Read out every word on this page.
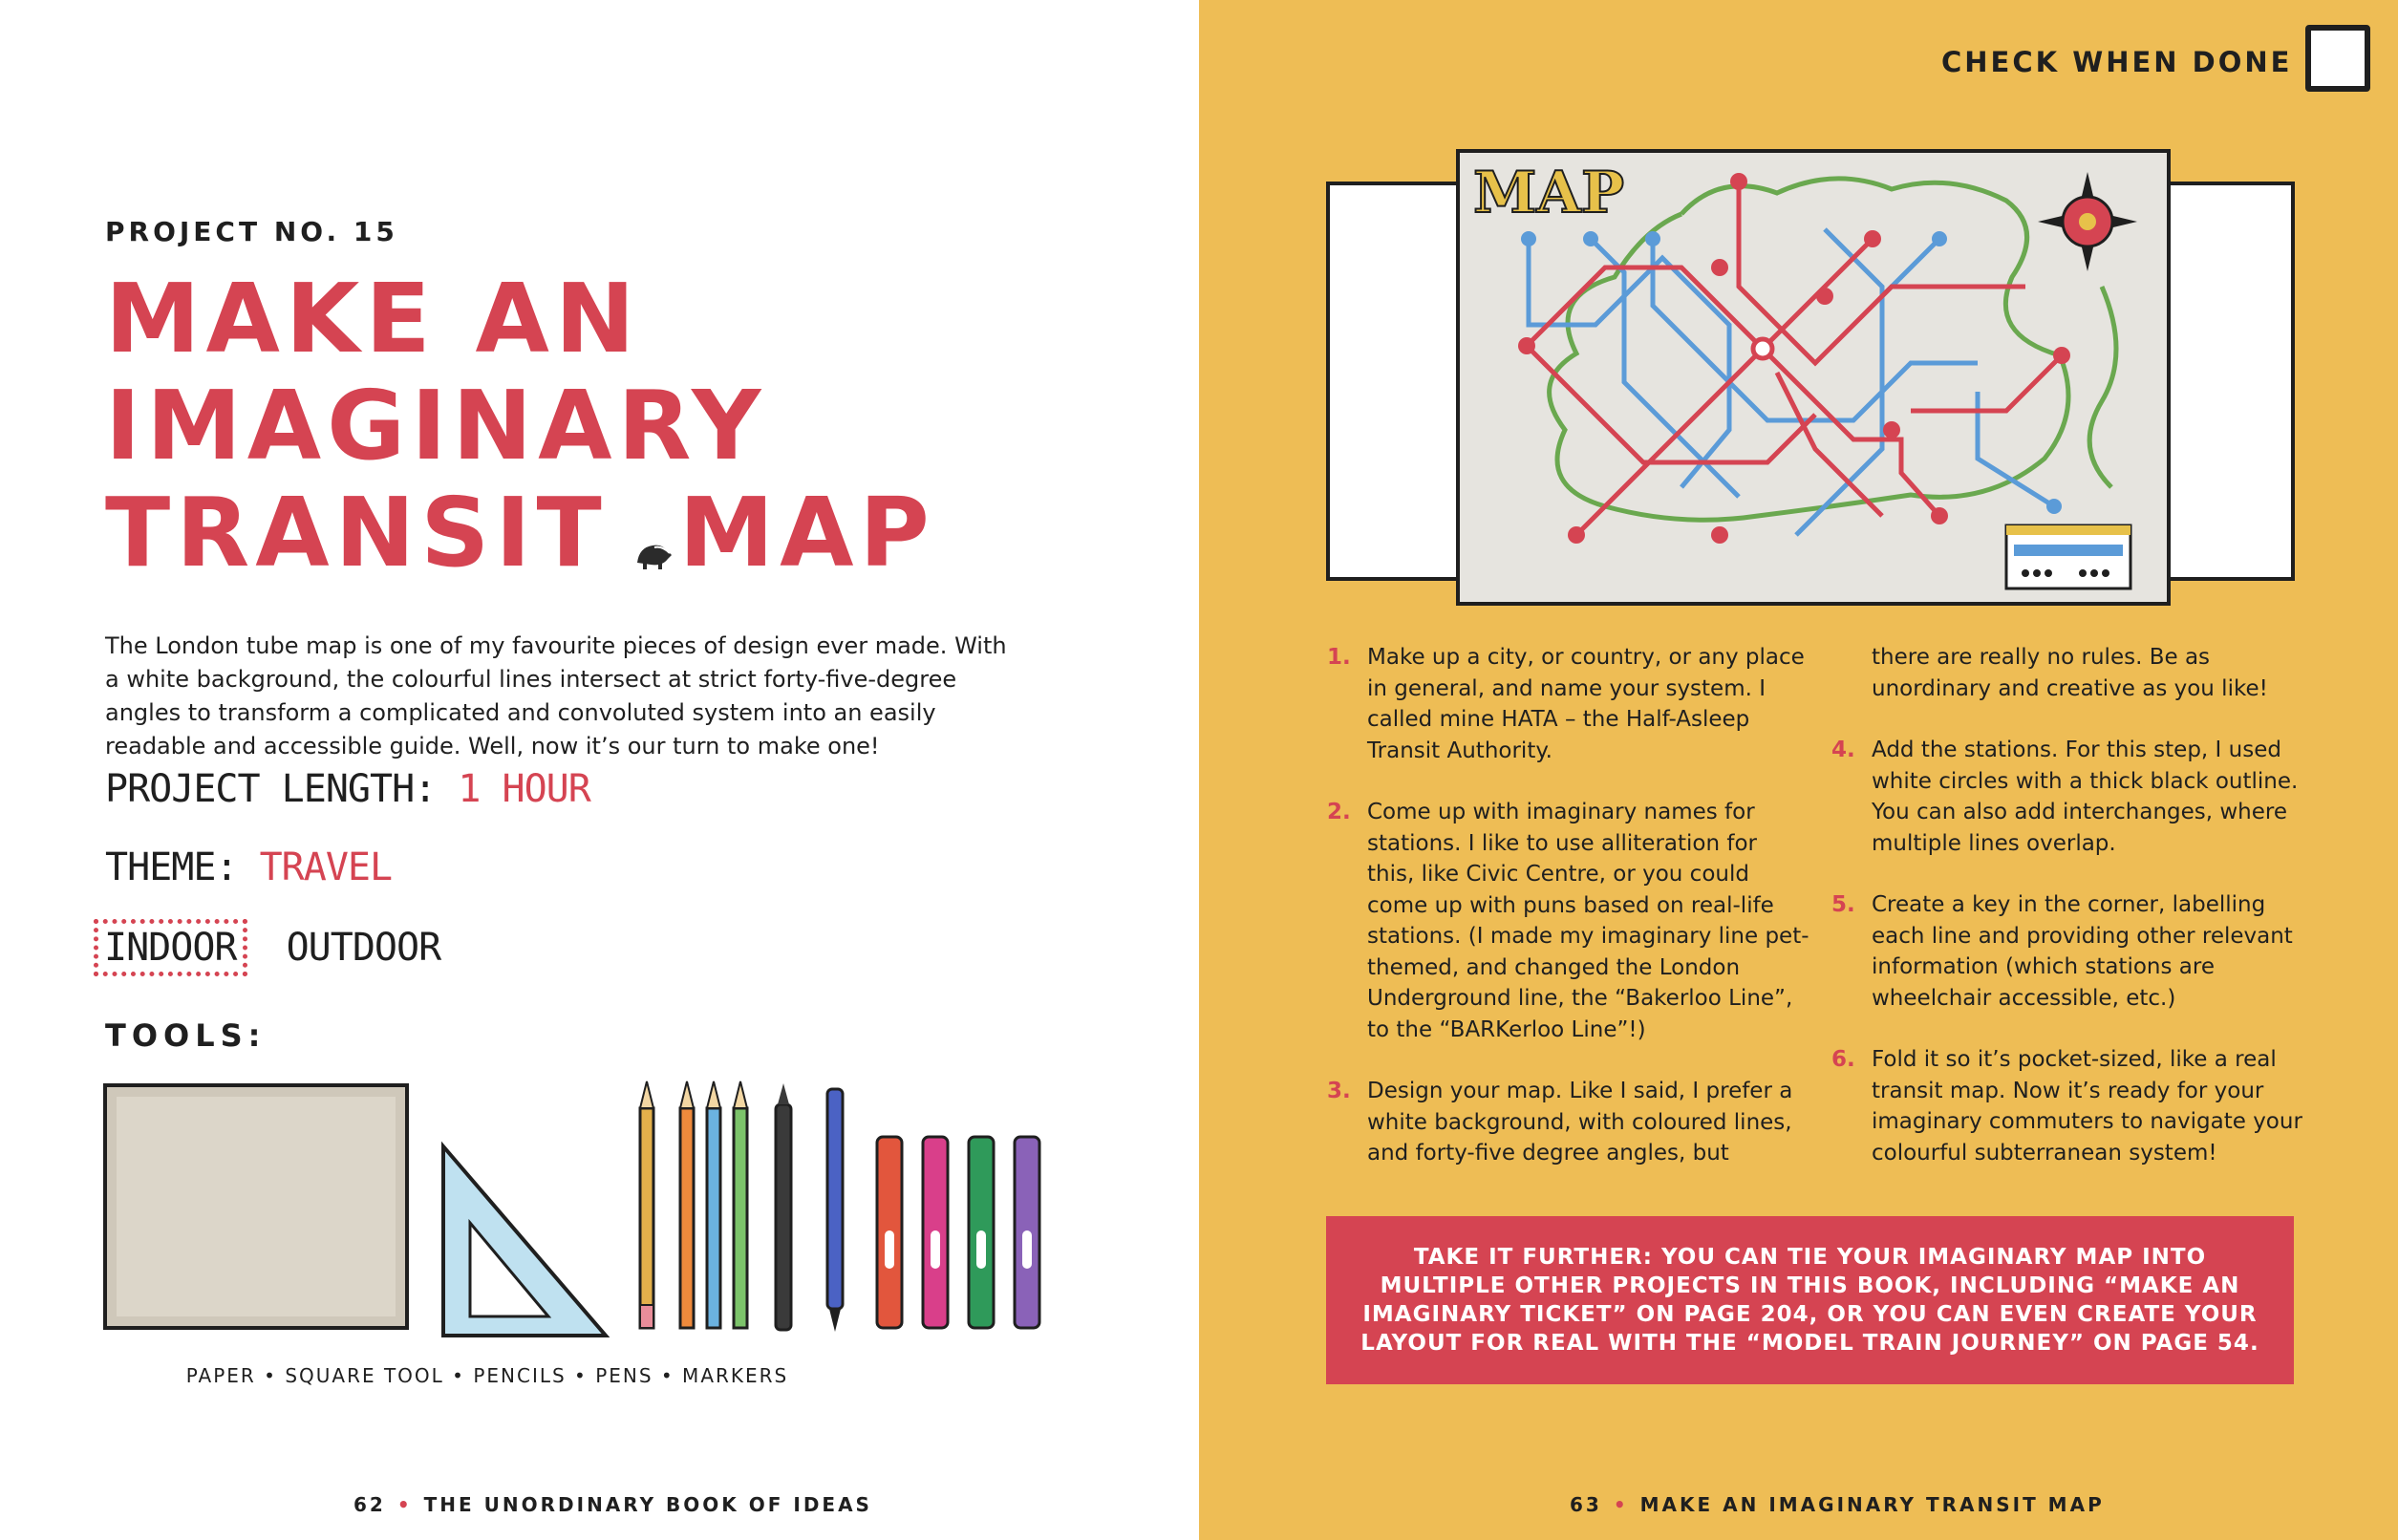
PROJECT NO. 15
MAKE AN
IMAGINARY
TRANSIT MAP

The London tube map is one of my favourite pieces of design ever made. With a white background, the colourful lines intersect at strict forty-five-degree angles to transform a complicated and convoluted system into an easily readable and accessible guide. Well, now it’s our turn to make one!

PROJECT LENGTH: 1 HOUR
THEME: TRAVEL
INDOOR OUTDOOR
TOOLS:
PAPER • SQUARE TOOL • PENCILS • PENS • MARKERS
62 • THE UNORDINARY BOOK OF IDEAS
CHECK WHEN DONE
MAP
1. Make up a city, or country, or any place in general, and name your system. I called mine HATA – the Half-Asleep Transit Authority.
2. Come up with imaginary names for stations. I like to use alliteration for this, like Civic Centre, or you could come up with puns based on real-life stations. (I made my imaginary line pet-themed, and changed the London Underground line, the “Bakerloo Line”, to the “BARKerloo Line”!)
3. Design your map. Like I said, I prefer a white background, with coloured lines, and forty-five degree angles, but
there are really no rules. Be as unordinary and creative as you like!
4. Add the stations. For this step, I used white circles with a thick black outline. You can also add interchanges, where multiple lines overlap.
5. Create a key in the corner, labelling each line and providing other relevant information (which stations are wheelchair accessible, etc.)
6. Fold it so it’s pocket-sized, like a real transit map. Now it’s ready for your imaginary commuters to navigate your colourful subterranean system!
TAKE IT FURTHER: YOU CAN TIE YOUR IMAGINARY MAP INTO MULTIPLE OTHER PROJECTS IN THIS BOOK, INCLUDING “MAKE AN IMAGINARY TICKET” ON PAGE 204, OR YOU CAN EVEN CREATE YOUR LAYOUT FOR REAL WITH THE “MODEL TRAIN JOURNEY” ON PAGE 54.
63 • MAKE AN IMAGINARY TRANSIT MAP
